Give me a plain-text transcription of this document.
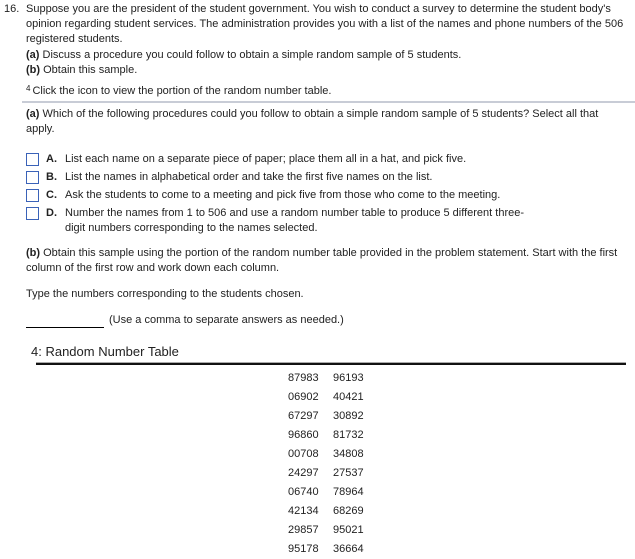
16. Suppose you are the president of the student government. You wish to conduct a survey to determine the student body's opinion regarding student services. The administration provides you with a list of the names and phone numbers of the 506 registered students.
(a) Discuss a procedure you could follow to obtain a simple random sample of 5 students.
(b) Obtain this sample.
$^4$ Click the icon to view the portion of the random number table.
(a) Which of the following procedures could you follow to obtain a simple random sample of 5 students? Select all that apply.
A. List each name on a separate piece of paper; place them all in a hat, and pick five.
B. List the names in alphabetical order and take the first five names on the list.
C. Ask the students to come to a meeting and pick five from those who come to the meeting.
D. Number the names from 1 to 506 and use a random number table to produce 5 different three-digit numbers corresponding to the names selected.
(b) Obtain this sample using the portion of the random number table provided in the problem statement. Start with the first column of the first row and work down each column.
Type the numbers corresponding to the students chosen.
(Use a comma to separate answers as needed.)
4: Random Number Table
87983	96193
06902	40421
67297	30892
96860	81732
00708	34808
24297	27537
06740	78964
42134	68269
29857	95021
95178	36664
